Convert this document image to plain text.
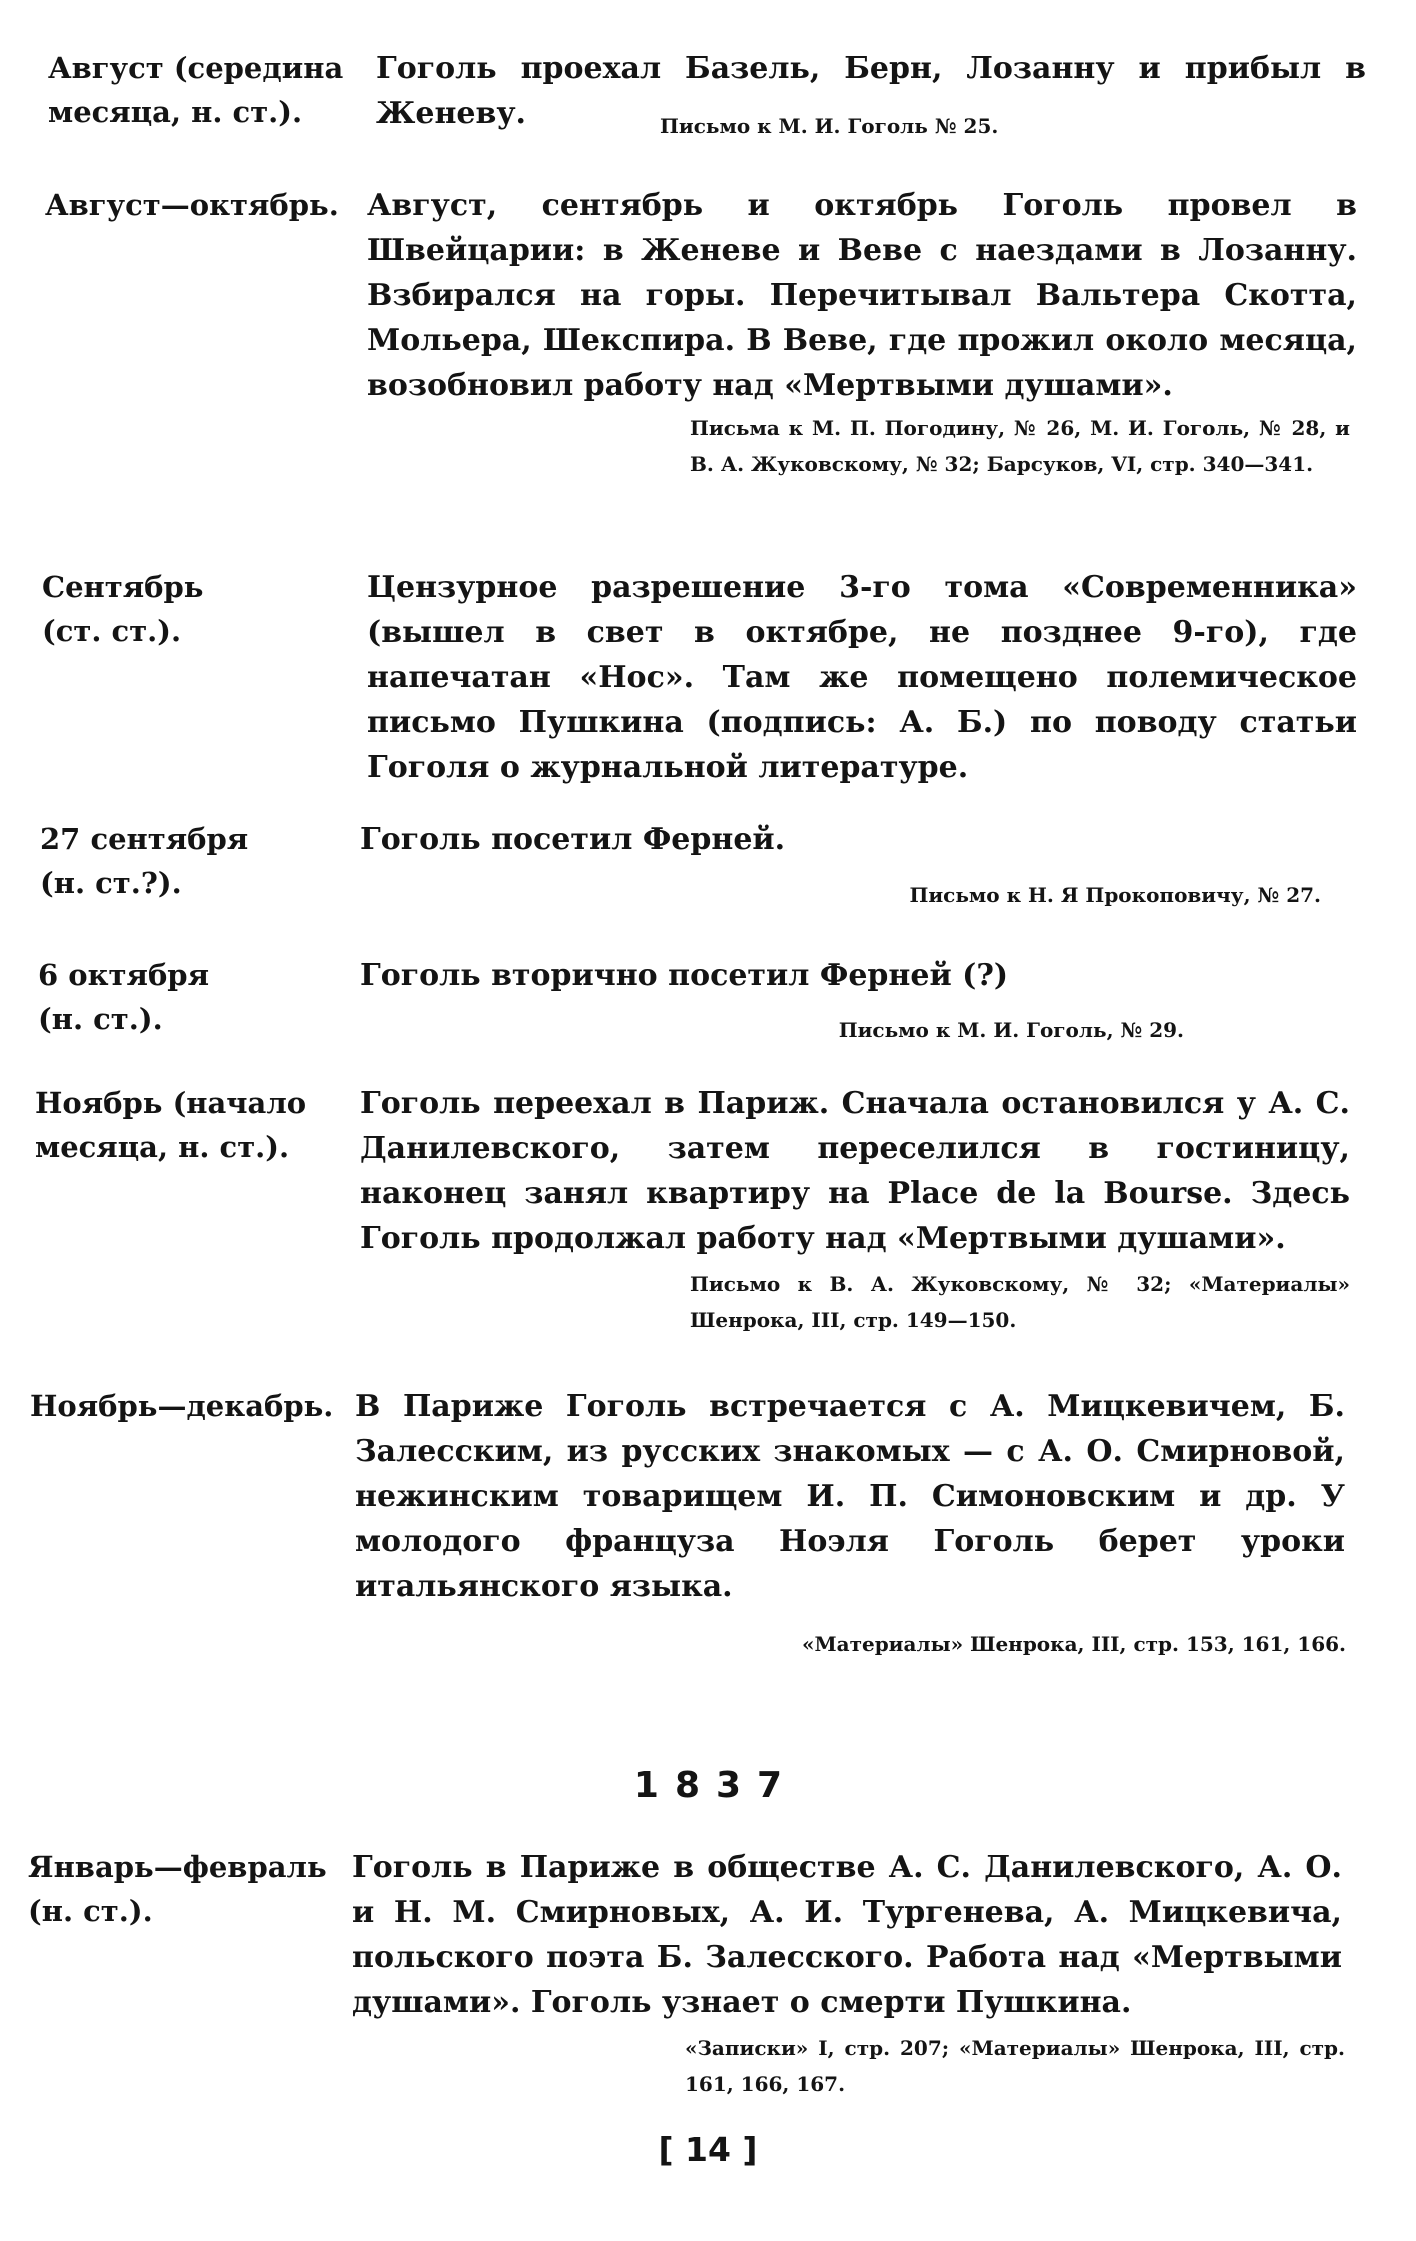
Август (середина
месяца, н. ст.).
Гоголь проехал Базель, Берн, Лозанну и прибыл в Женеву.	Письмо к М. И. Гоголь № 25.
Август—октябрь. Август, сентябрь и октябрь Гоголь провел в Швейцарии: в Женеве и Веве с наездами в Лозанну. Взбирался на горы. Перечитывал Вальтера Скотта, Мольера, Шекспира. В Веве, где прожил около месяца, возобновил работу над «Мертвыми душами».
Письма к М. П. Погодину, № 26, М. И. Гоголь, № 28, и В. А. Жуковскому, № 32; Барсуков, VI, стр. 340—341.
Сентябрь
(ст. ст.).
Цензурное разрешение 3-го тома «Современника» (вышел в свет в октябре, не позднее 9-го), где напечатан «Нос». Там же помещено полемическое письмо Пушкина (подпись: А. Б.) по поводу статьи Гоголя о журнальной литературе.
27 сентября
(н. ст.?).
Гоголь посетил Ферней.
Письмо к Н. Я Прокоповичу, № 27.
6 октября
(н. ст.).
Гоголь вторично посетил Ферней (?)
Письмо к М. И. Гоголь, № 29.
Ноябрь (начало
месяца, н. ст.).
Гоголь переехал в Париж. Сначала остановился у А. С. Данилевского, затем переселился в гостиницу, наконец занял квартиру на Place de la Bourse. Здесь Гоголь продолжал работу над «Мертвыми душами».
Письмо к В. А. Жуковскому, № 32; «Материалы» Шенрока, III, стр. 149—150.
Ноябрь—декабрь. В Париже Гоголь встречается с А. Мицкевичем, Б. Залесским, из русских знакомых — с А. О. Смирновой, нежинским товарищем И. П. Симоновским и др. У молодого француза Ноэля Гоголь берет уроки итальянского языка.
«Материалы» Шенрока, III, стр. 153, 161, 166.
1837
Январь—февраль
(н. ст.).
Гоголь в Париже в обществе А. С. Данилевского, А. О. и Н. М. Смирновых, А. И. Тургенева, А. Мицкевича, польского поэта Б. Залесского. Работа над «Мертвыми душами». Гоголь узнает о смерти Пушкина.
«Записки» I, стр. 207; «Материалы» Шенрока, III, стр. 161, 166, 167.
[ 14 ]
